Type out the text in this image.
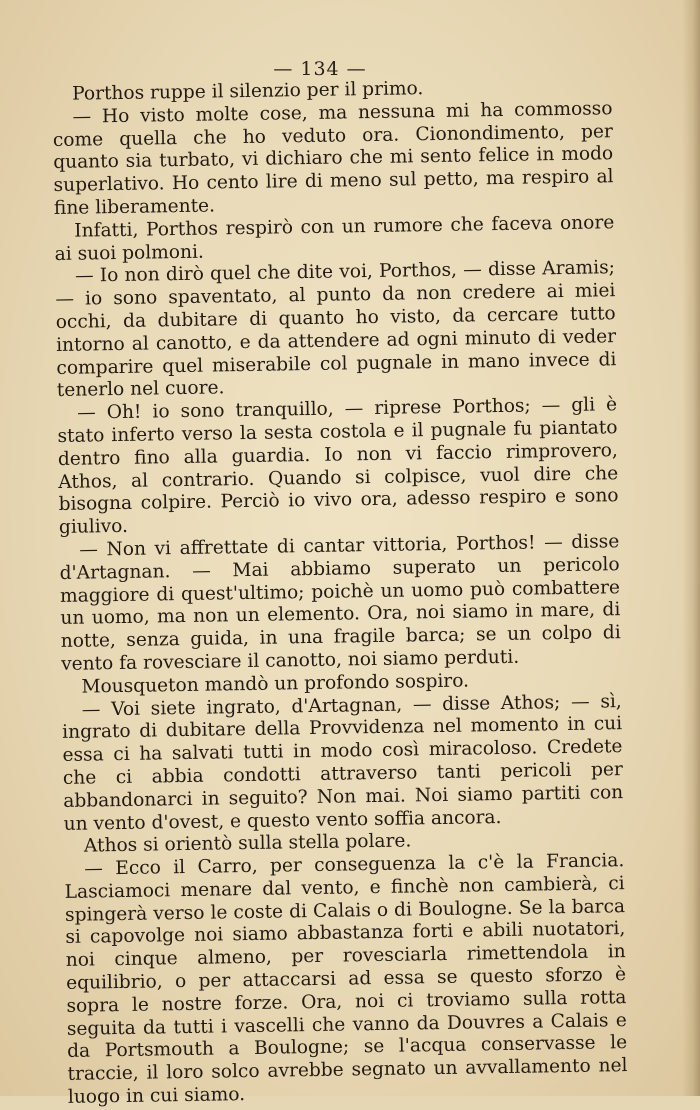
— 134 —

Porthos ruppe il silenzio per il primo.

— Ho visto molte cose, ma nessuna mi ha commosso come quella che ho veduto ora. Cionondimento, per quanto sia turbato, vi dichiaro che mi sento felice in modo superlativo. Ho cento lire di meno sul petto, ma respiro al fine liberamente.

Infatti, Porthos respirò con un rumore che faceva onore ai suoi polmoni.

— Io non dirò quel che dite voi, Porthos, — disse Aramis; — io sono spaventato, al punto da non credere ai miei occhi, da dubitare di quanto ho visto, da cercare tutto intorno al canotto, e da attendere ad ogni minuto di veder comparire quel miserabile col pugnale in mano invece di tenerlo nel cuore.

— Oh! io sono tranquillo, — riprese Porthos; — gli è stato inferto verso la sesta costola e il pugnale fu piantato dentro fino alla guardia. Io non vi faccio rimprovero, Athos, al contrario. Quando si colpisce, vuol dire che bisogna colpire. Perciò io vivo ora, adesso respiro e sono giulivo.

— Non vi affrettate di cantar vittoria, Porthos! — disse d'Artagnan. — Mai abbiamo superato un pericolo maggiore di quest'ultimo; poichè un uomo può combattere un uomo, ma non un elemento. Ora, noi siamo in mare, di notte, senza guida, in una fragile barca; se un colpo di vento fa rovesciare il canotto, noi siamo perduti.

Mousqueton mandò un profondo sospiro.

— Voi siete ingrato, d'Artagnan, — disse Athos; — sì, ingrato di dubitare della Provvidenza nel momento in cui essa ci ha salvati tutti in modo così miracoloso. Credete che ci abbia condotti attraverso tanti pericoli per abbandonarci in seguito? Non mai. Noi siamo partiti con un vento d'ovest, e questo vento soffia ancora.

Athos si orientò sulla stella polare.

— Ecco il Carro, per conseguenza la c'è la Francia. Lasciamoci menare dal vento, e finchè non cambierà, ci spingerà verso le coste di Calais o di Boulogne. Se la barca si capovolge noi siamo abbastanza forti e abili nuotatori, noi cinque almeno, per rovesciarla rimettendola in equilibrio, o per attaccarsi ad essa se questo sforzo è sopra le nostre forze. Ora, noi ci troviamo sulla rotta seguita da tutti i vascelli che vanno da Douvres a Calais e da Portsmouth a Boulogne; se l'acqua conservasse le traccie, il loro solco avrebbe segnato un avvallamento nel luogo in cui siamo.
